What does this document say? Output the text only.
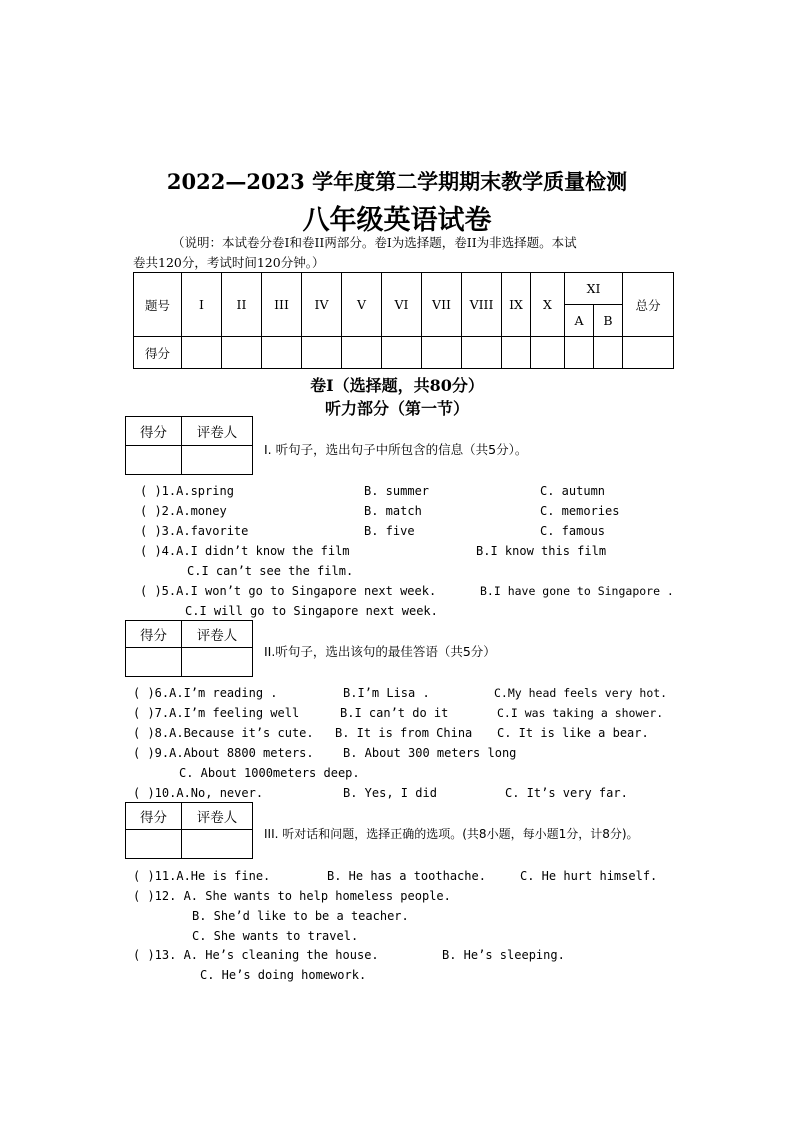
2022—2023 学年度第二学期期末教学质量检测
八年级英语试卷
（说明：本试卷分卷I和卷II两部分。卷I为选择题，卷II为非选择题。本试
卷共120分，考试时间120分钟。）
题号	I	II	III	IV	V	VI	VII	VIII	IX	X	XI		总分
											A	B	
得分													
卷I（选择题，共80分）
听力部分（第一节）
得分	评卷人

I. 听句子，选出句子中所包含的信息（共5分）。
( )1.A.spring	B. summer	C. autumn
( )2.A.money	B. match	C. memories
( )3.A.favorite	B. five	C. famous
( )4.A.I didn’t know the film	B.I know this film
C.I can’t see the film.
( )5.A.I won’t go to Singapore next week.	B.I have gone to Singapore .
C.I will go to Singapore next week.
得分	评卷人

II.听句子，选出该句的最佳答语（共5分）
( )6.A.I’m reading .	B.I’m Lisa .	C.My head feels very hot.
( )7.A.I’m feeling well	B.I can’t do it	C.I was taking a shower.
( )8.A.Because it’s cute. B. It is from China C. It is like a bear.
( )9.A.About 8800 meters. B. About 300 meters long
C. About 1000meters deep.
( )10.A.No, never.	B. Yes, I did	C. It’s very far.
得分	评卷人

III. 听对话和问题，选择正确的选项。(共8小题，每小题1分，计8分)。
( )11.A.He is fine.	B. He has a toothache.	C. He hurt himself.
( )12. A. She wants to help homeless people.
B. She’d like to be a teacher.
C. She wants to travel.
( )13. A. He’s cleaning the house.	B. He’s sleeping.
C. He’s doing homework.
